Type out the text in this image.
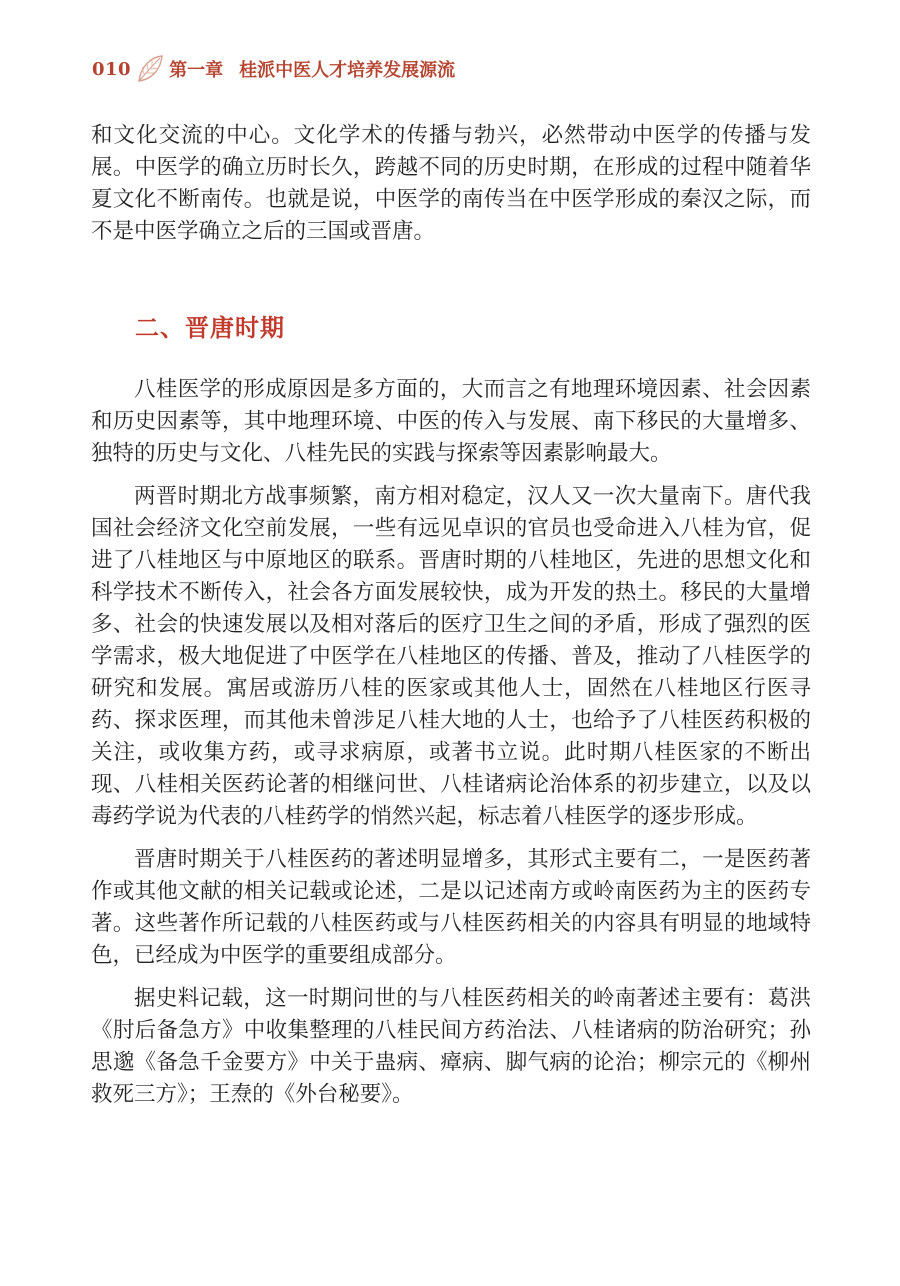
010 第一章 桂派中医人才培养发展源流

和文化交流的中心。文化学术的传播与勃兴，必然带动中医学的传播与发展。中医学的确立历时长久，跨越不同的历史时期，在形成的过程中随着华夏文化不断南传。也就是说，中医学的南传当在中医学形成的秦汉之际，而不是中医学确立之后的三国或晋唐。

二、晋唐时期

八桂医学的形成原因是多方面的，大而言之有地理环境因素、社会因素和历史因素等，其中地理环境、中医的传入与发展、南下移民的大量增多、独特的历史与文化、八桂先民的实践与探索等因素影响最大。

两晋时期北方战事频繁，南方相对稳定，汉人又一次大量南下。唐代我国社会经济文化空前发展，一些有远见卓识的官员也受命进入八桂为官，促进了八桂地区与中原地区的联系。晋唐时期的八桂地区，先进的思想文化和科学技术不断传入，社会各方面发展较快，成为开发的热土。移民的大量增多、社会的快速发展以及相对落后的医疗卫生之间的矛盾，形成了强烈的医学需求，极大地促进了中医学在八桂地区的传播、普及，推动了八桂医学的研究和发展。寓居或游历八桂的医家或其他人士，固然在八桂地区行医寻药、探求医理，而其他未曾涉足八桂大地的人士，也给予了八桂医药积极的关注，或收集方药，或寻求病原，或著书立说。此时期八桂医家的不断出现、八桂相关医药论著的相继问世、八桂诸病论治体系的初步建立，以及以毒药学说为代表的八桂药学的悄然兴起，标志着八桂医学的逐步形成。

晋唐时期关于八桂医药的著述明显增多，其形式主要有二，一是医药著作或其他文献的相关记载或论述，二是以记述南方或岭南医药为主的医药专著。这些著作所记载的八桂医药或与八桂医药相关的内容具有明显的地域特色，已经成为中医学的重要组成部分。

据史料记载，这一时期问世的与八桂医药相关的岭南著述主要有：葛洪《肘后备急方》中收集整理的八桂民间方药治法、八桂诸病的防治研究；孙思邈《备急千金要方》中关于蛊病、瘴病、脚气病的论治；柳宗元的《柳州救死三方》；王焘的《外台秘要》。
